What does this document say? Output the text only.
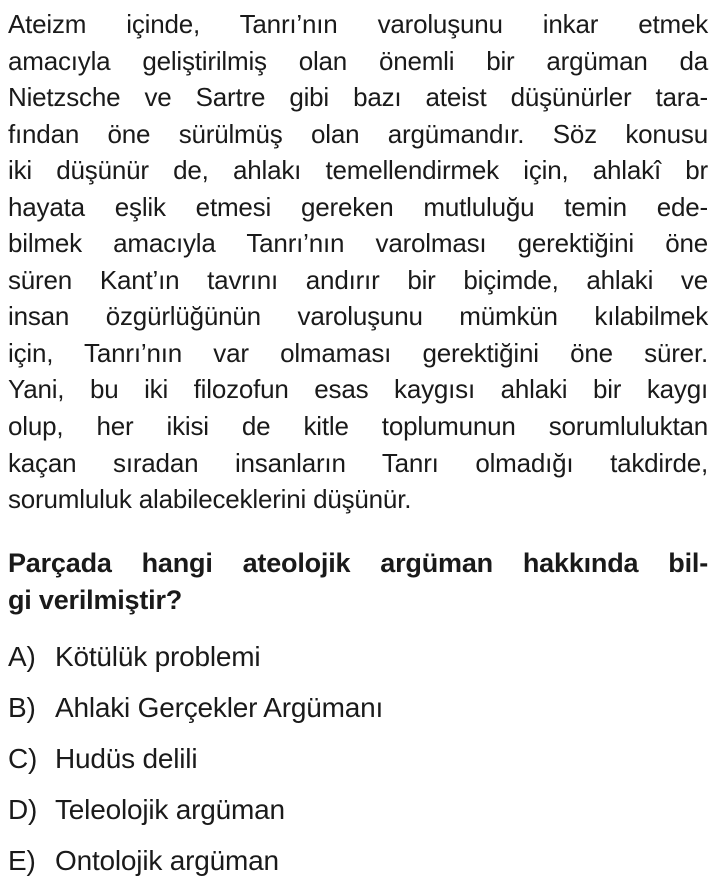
Ateizm içinde, Tanrı’nın varoluşunu inkar etmek
amacıyla geliştirilmiş olan önemli bir argüman da
Nietzsche ve Sartre gibi bazı ateist düşünürler tara-
fından öne sürülmüş olan argümandır. Söz konusu
iki düşünür de, ahlakı temellendirmek için, ahlakî br
hayata eşlik etmesi gereken mutluluğu temin ede-
bilmek amacıyla Tanrı’nın varolması gerektiğini öne
süren Kant’ın tavrını andırır bir biçimde, ahlaki ve
insan özgürlüğünün varoluşunu mümkün kılabilmek
için, Tanrı’nın var olmaması gerektiğini öne sürer.
Yani, bu iki filozofun esas kaygısı ahlaki bir kaygı
olup, her ikisi de kitle toplumunun sorumluluktan
kaçan sıradan insanların Tanrı olmadığı takdirde,
sorumluluk alabileceklerini düşünür.
Parçada hangi ateolojik argüman hakkında bil-
gi verilmiştir?
A) Kötülük problemi
B) Ahlaki Gerçekler Argümanı
C) Hudüs delili
D) Teleolojik argüman
E) Ontolojik argüman
